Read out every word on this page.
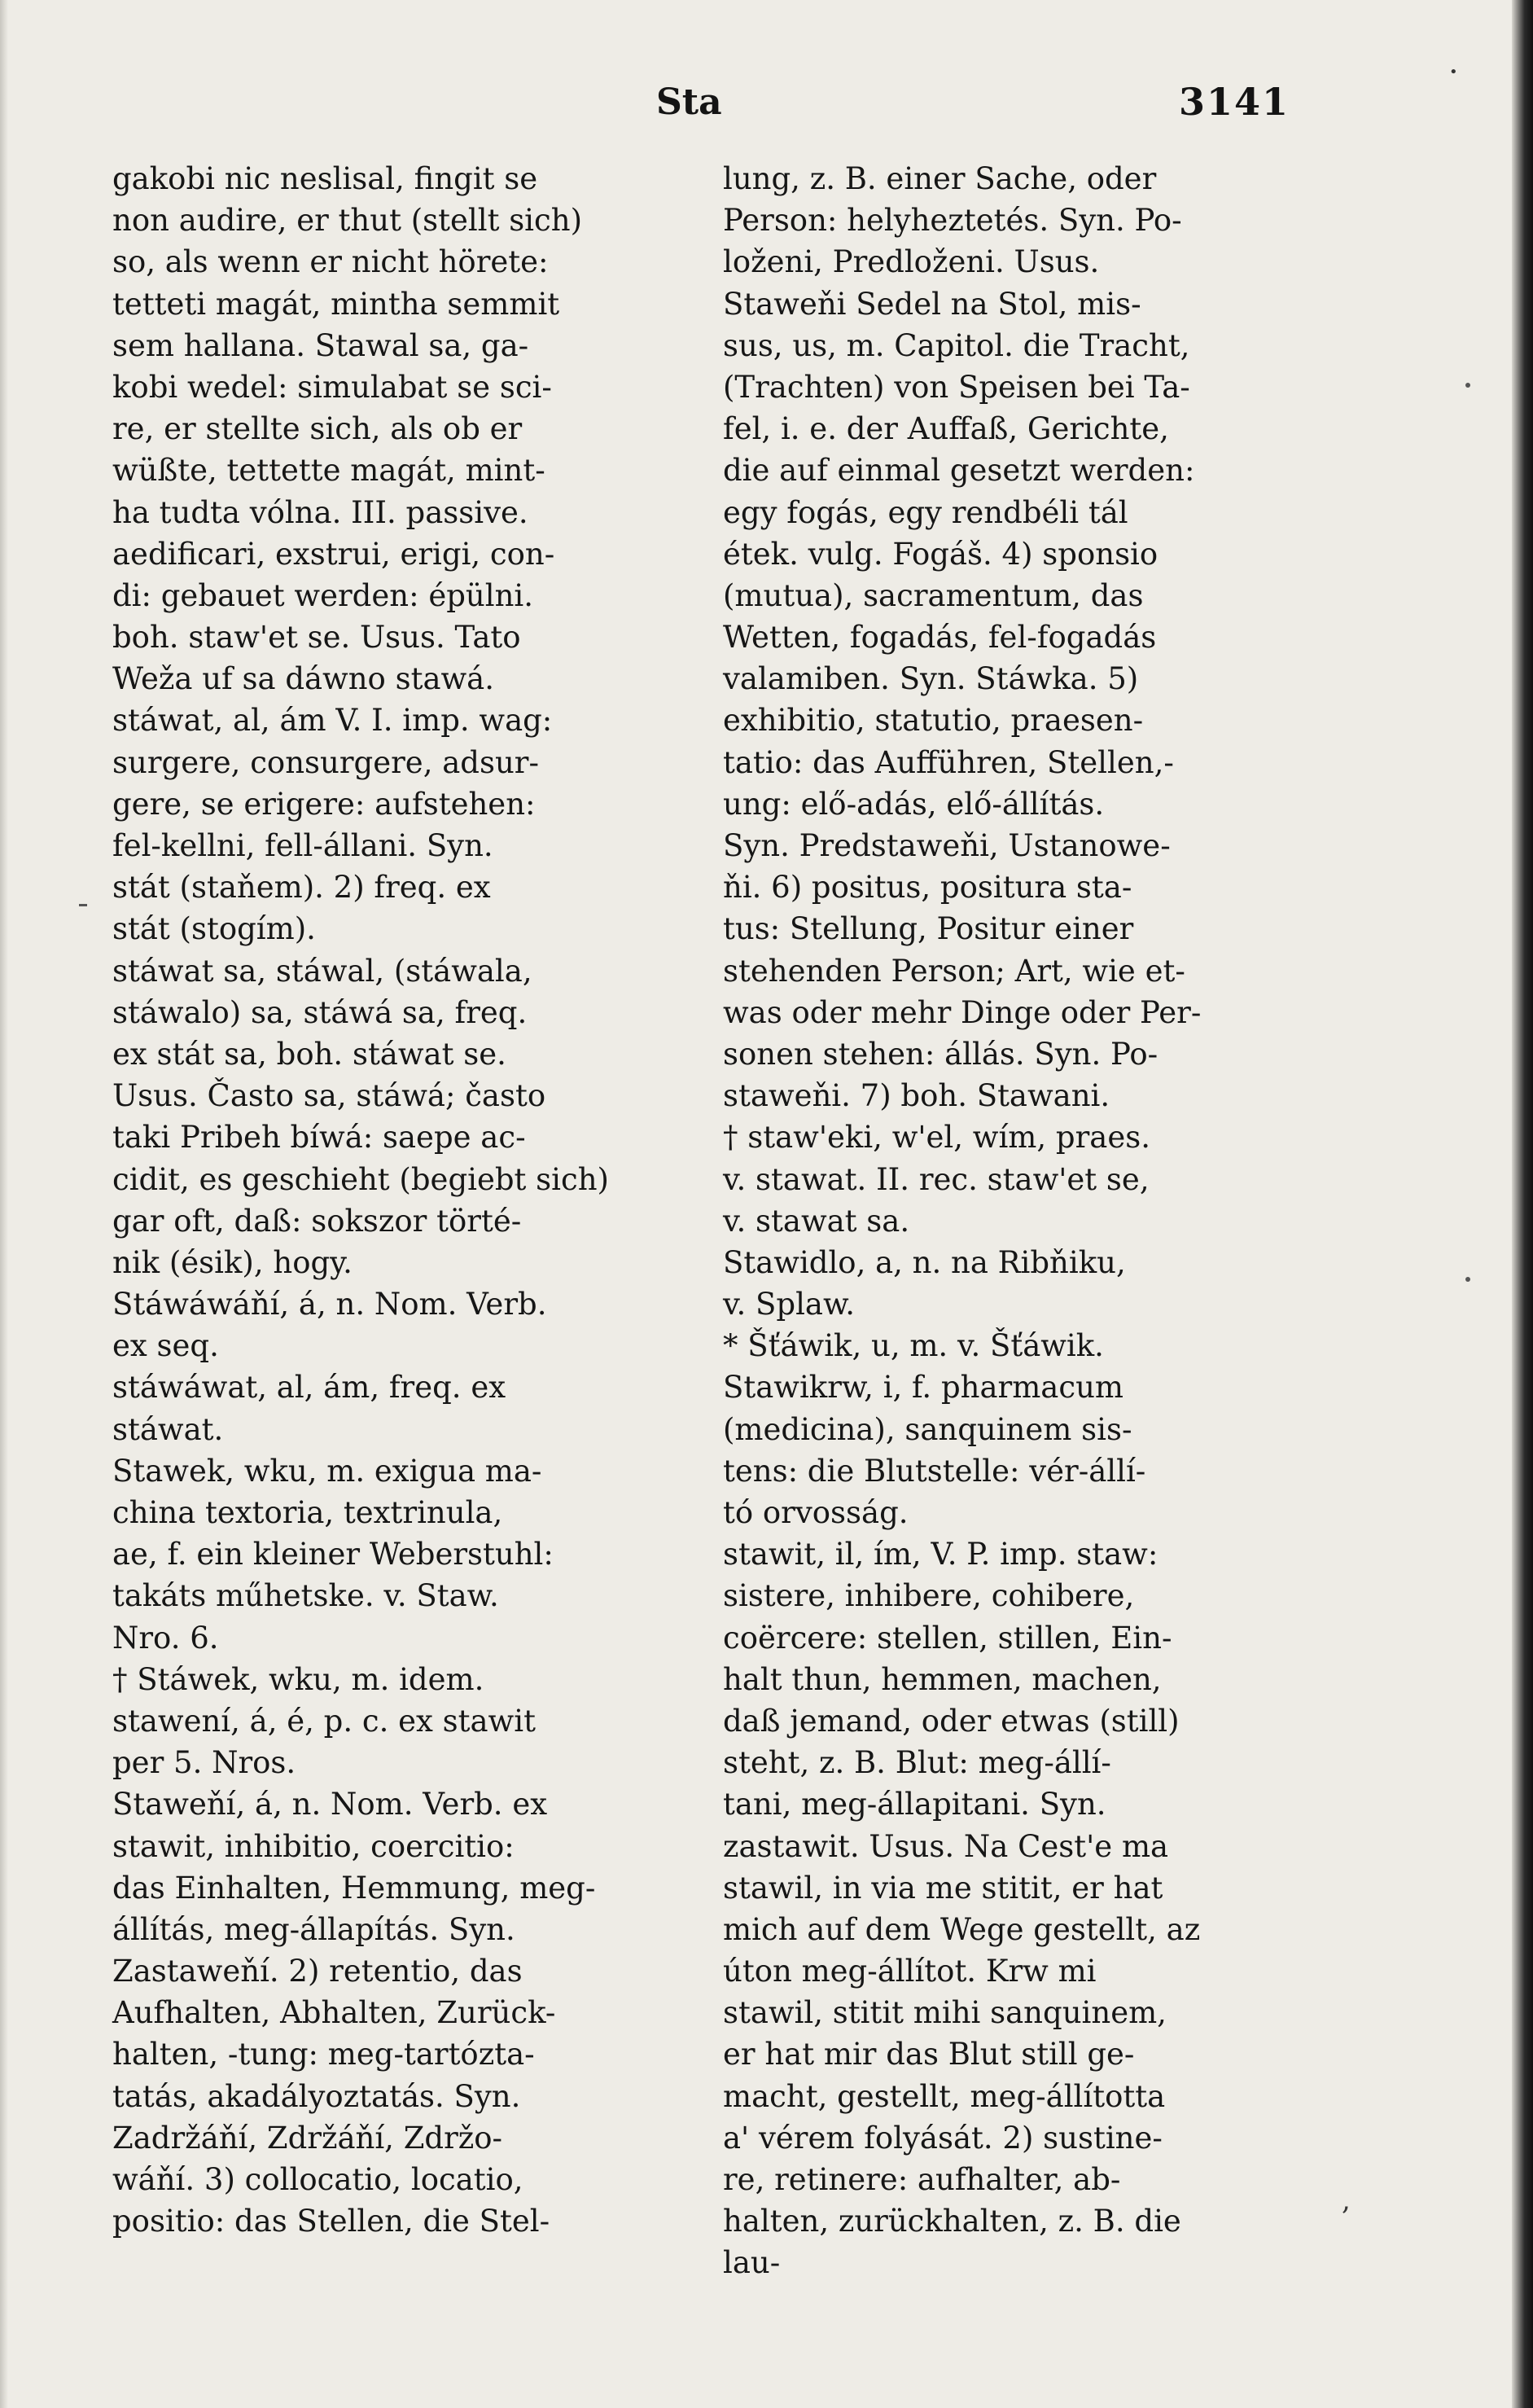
Sta	3141
gakobi nic neslisal, fingit se
non audire, er thut (stellt sich)
so, als wenn er nicht hörete:
tetteti magát, mintha semmit
sem hallana. Stawal sa, ga-
kobi wedel: simulabat se sci-
re, er stellte sich, als ob er
wüßte, tettette magát, mint-
ha tudta vólna. III. passive.
aedificari, exstrui, erigi, con-
di: gebauet werden: épülni.
boh. staw'et se. Usus. Tato
Weža uf sa dáwno stawá.
stáwat, al, ám V. I. imp. wag:
surgere, consurgere, adsur-
gere, se erigere: aufstehen:
fel-kellni, fell-állani. Syn.
stát (staňem). 2) freq. ex
stát (stogím).
stáwat sa, stáwal, (stáwala,
stáwalo) sa, stáwá sa, freq.
ex stát sa, boh. stáwat se.
Usus. Často sa, stáwá; často
taki Pribeh bíwá: saepe ac-
cidit, es geschieht (begiebt sich)
gar oft, daß: sokszor törté-
nik (ésik), hogy.
Stáwáwáňí, á, n. Nom. Verb.
ex seq.
stáwáwat, al, ám, freq. ex
stáwat.
Stawek, wku, m. exigua ma-
china textoria, textrinula,
ae, f. ein kleiner Weberstuhl:
takáts műhetske. v. Staw.
Nro. 6.
† Stáwek, wku, m. idem.
stawení, á, é, p. c. ex stawit
per 5. Nros.
Staweňí, á, n. Nom. Verb. ex
stawit, inhibitio, coercitio:
das Einhalten, Hemmung, meg-
állítás, meg-állapítás. Syn.
Zastaweňí. 2) retentio, das
Aufhalten, Abhalten, Zurück-
halten, -tung: meg-tartózta-
tatás, akadályoztatás. Syn.
Zadržáňí, Zdržáňí, Zdržo-
wáňí. 3) collocatio, locatio,
positio: das Stellen, die Stel-
lung, z. B. einer Sache, oder
Person: helyheztetés. Syn. Po-
loženi, Predloženi. Usus.
Staweňi Sedel na Stol, mis-
sus, us, m. Capitol. die Tracht,
(Trachten) von Speisen bei Ta-
fel, i. e. der Auffaß, Gerichte,
die auf einmal gesetzt werden:
egy fogás, egy rendbéli tál
étek. vulg. Fogáš. 4) sponsio
(mutua), sacramentum, das
Wetten, fogadás, fel-fogadás
valamiben. Syn. Stáwka. 5)
exhibitio, statutio, praesen-
tatio: das Aufführen, Stellen,-
ung: elő-adás, elő-állítás.
Syn. Predstaweňi, Ustanowe-
ňi. 6) positus, positura sta-
tus: Stellung, Positur einer
stehenden Person; Art, wie et-
was oder mehr Dinge oder Per-
sonen stehen: állás. Syn. Po-
staweňi. 7) boh. Stawani.
† staw'eki, w'el, wím, praes.
v. stawat. II. rec. staw'et se,
v. stawat sa.
Stawidlo, a, n. na Ribňiku,
v. Splaw.
* Šťáwik, u, m. v. Šťáwik.
Stawikrw, i, f. pharmacum
(medicina), sanquinem sis-
tens: die Blutstelle: vér-állí-
tó orvosság.
stawit, il, ím, V. P. imp. staw:
sistere, inhibere, cohibere,
coërcere: stellen, stillen, Ein-
halt thun, hemmen, machen,
daß jemand, oder etwas (still)
steht, z. B. Blut: meg-állí-
tani, meg-állapitani. Syn.
zastawit. Usus. Na Cest'e ma
stawil, in via me stitit, er hat
mich auf dem Wege gestellt, az
úton meg-állítot. Krw mi
stawil, stitit mihi sanquinem,
er hat mir das Blut still ge-
macht, gestellt, meg-állította
a' vérem folyását. 2) sustine-
re, retinere: aufhalter, ab-
halten, zurückhalten, z. B. die
lau-
,
•
